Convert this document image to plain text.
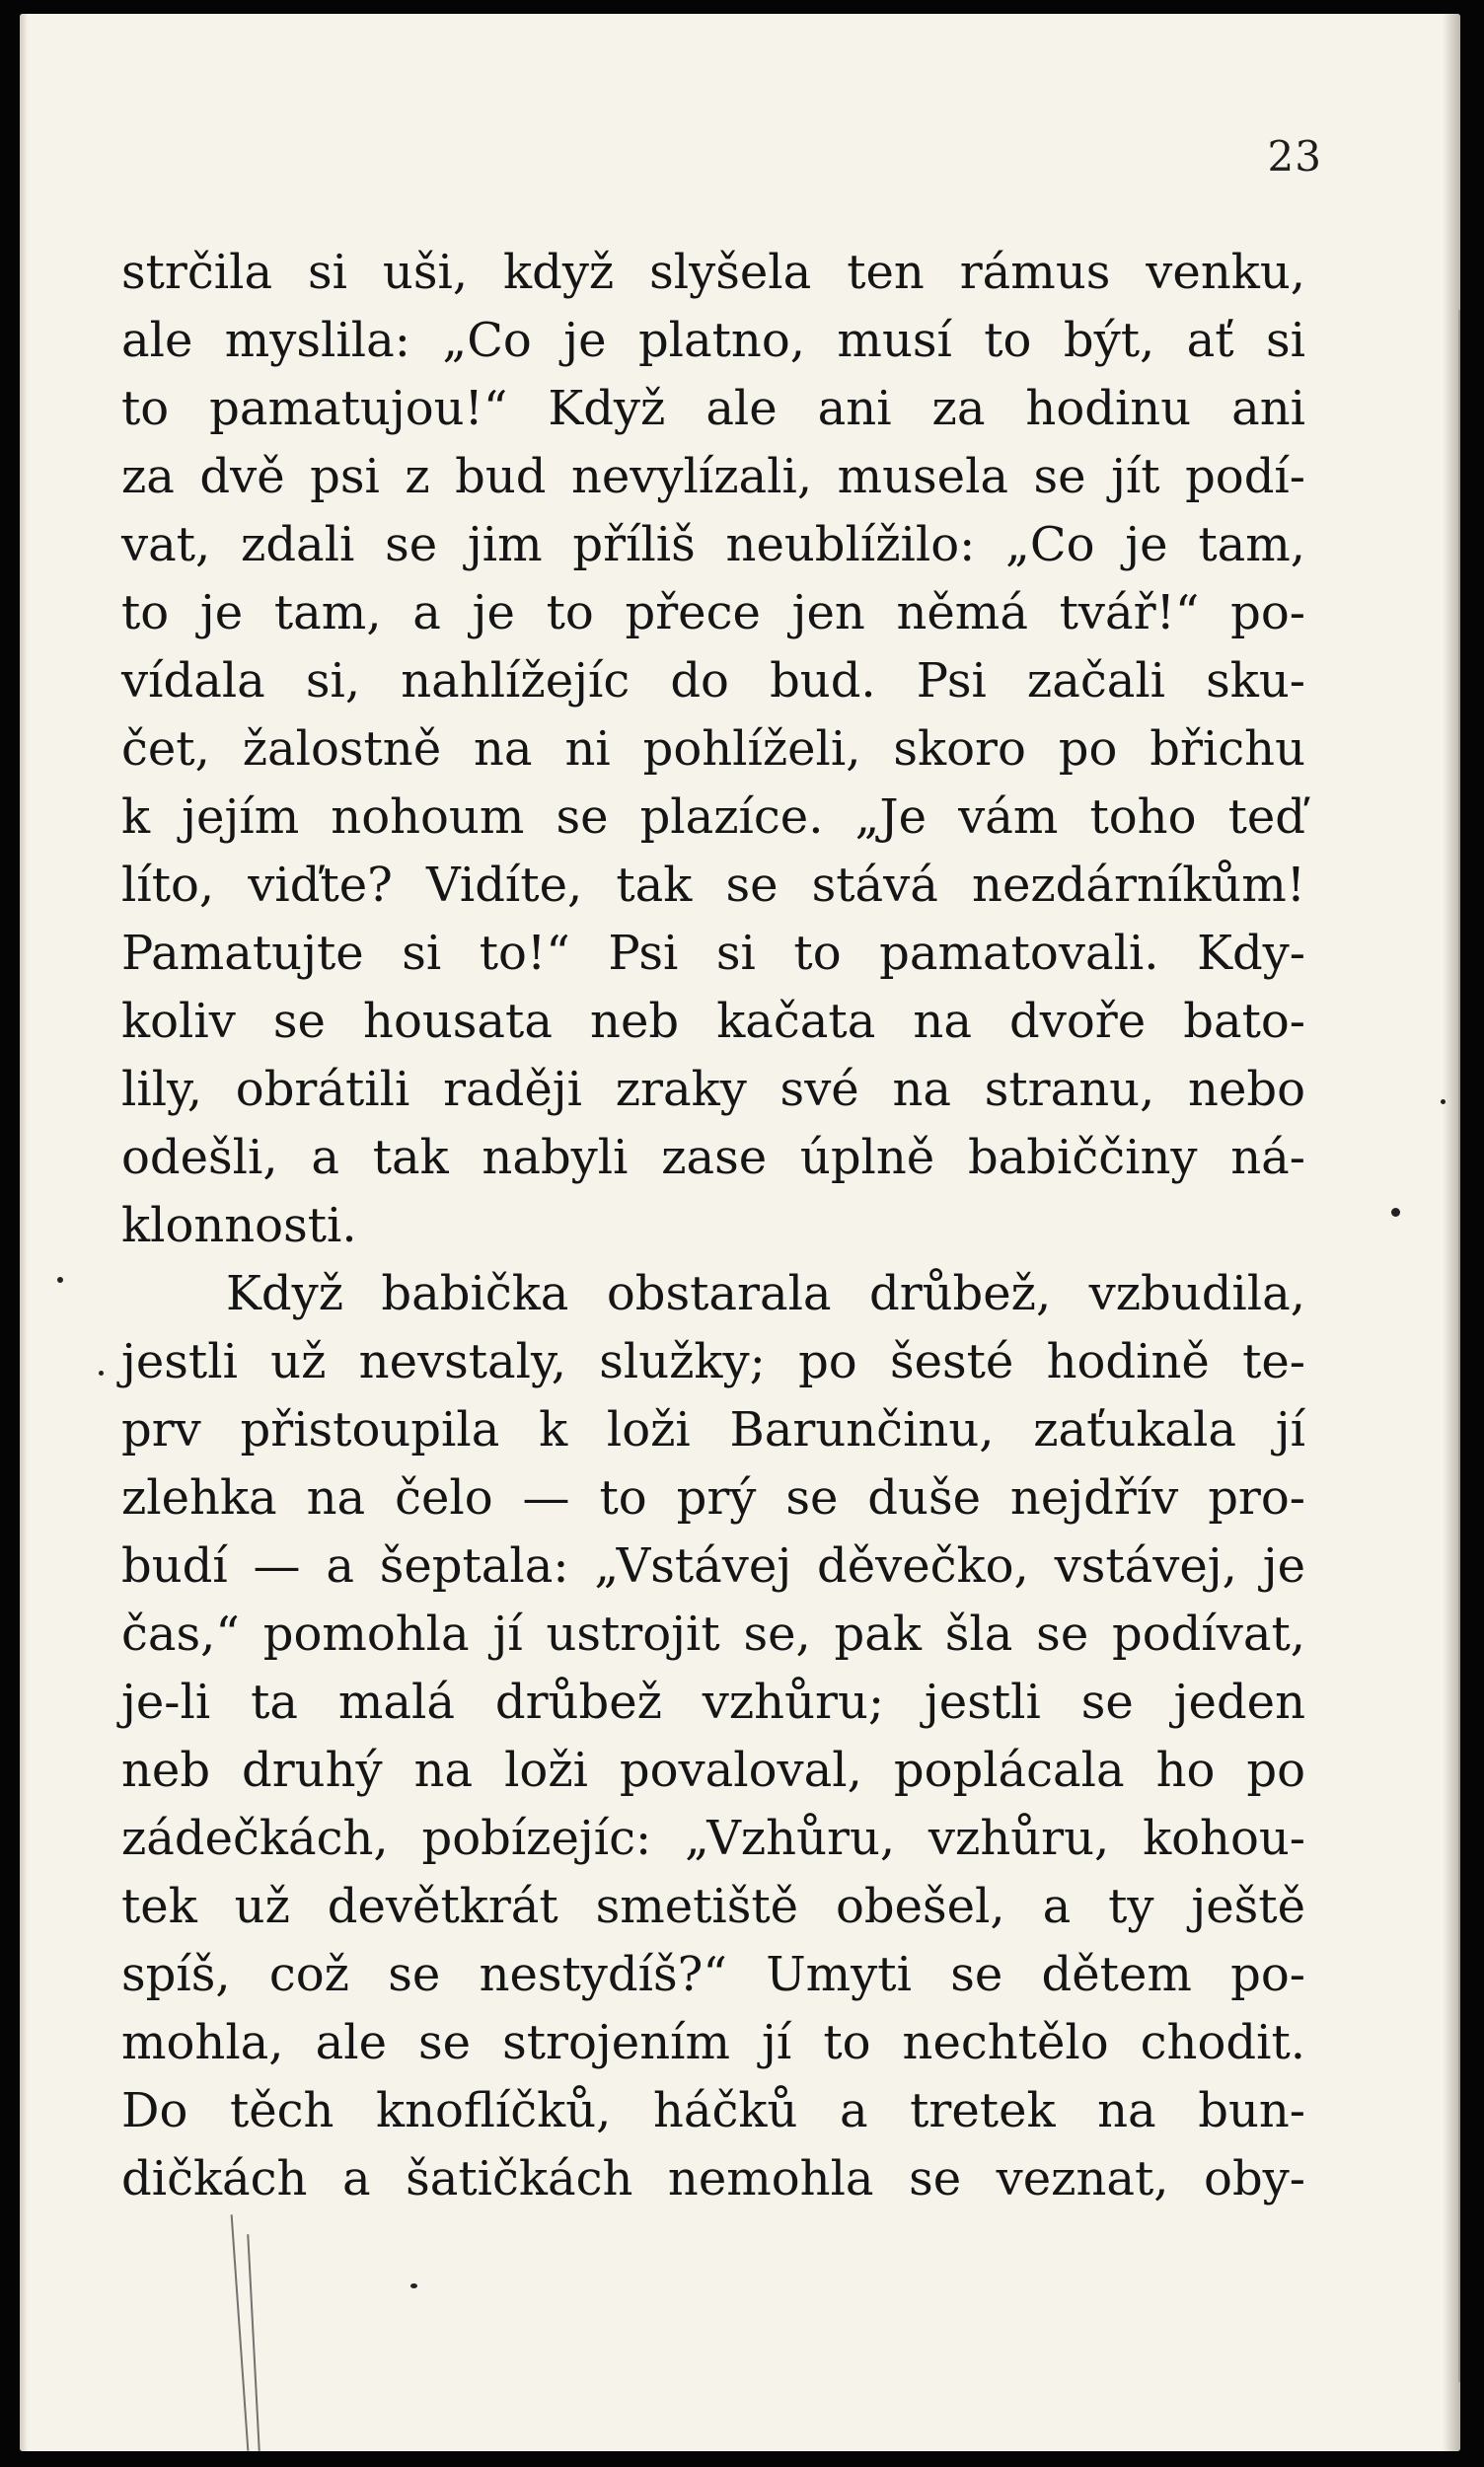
23
strčila si uši, když slyšela ten rámus venku,
ale myslila: „Co je platno, musí to být, ať si
to pamatujou!“ Když ale ani za hodinu ani
za dvě psi z bud nevylízali, musela se jít podí-
vat, zdali se jim příliš neublížilo: „Co je tam,
to je tam, a je to přece jen němá tvář!“ po-
vídala si, nahlížejíc do bud. Psi začali sku-
čet, žalostně na ni pohlíželi, skoro po břichu
k jejím nohoum se plazíce. „Je vám toho teď
líto, viďte? Vidíte, tak se stává nezdárníkům!
Pamatujte si to!“ Psi si to pamatovali. Kdy-
koliv se housata neb kačata na dvoře bato-
lily, obrátili raději zraky své na stranu, nebo
odešli, a tak nabyli zase úplně babiččiny ná-
klonnosti.
Když babička obstarala drůbež, vzbudila,
jestli už nevstaly, služky; po šesté hodině te-
prv přistoupila k loži Barunčinu, zaťukala jí
zlehka na čelo — to prý se duše nejdřív pro-
budí — a šeptala: „Vstávej děvečko, vstávej, je
čas,“ pomohla jí ustrojit se, pak šla se podívat,
je-li ta malá drůbež vzhůru; jestli se jeden
neb druhý na loži povaloval, poplácala ho po
zádečkách, pobízejíc: „Vzhůru, vzhůru, kohou-
tek už devětkrát smetiště obešel, a ty ještě
spíš, což se nestydíš?“ Umyti se dětem po-
mohla, ale se strojením jí to nechtělo chodit.
Do těch knoflíčků, háčků a tretek na bun-
dičkách a šatičkách nemohla se veznat, oby-
